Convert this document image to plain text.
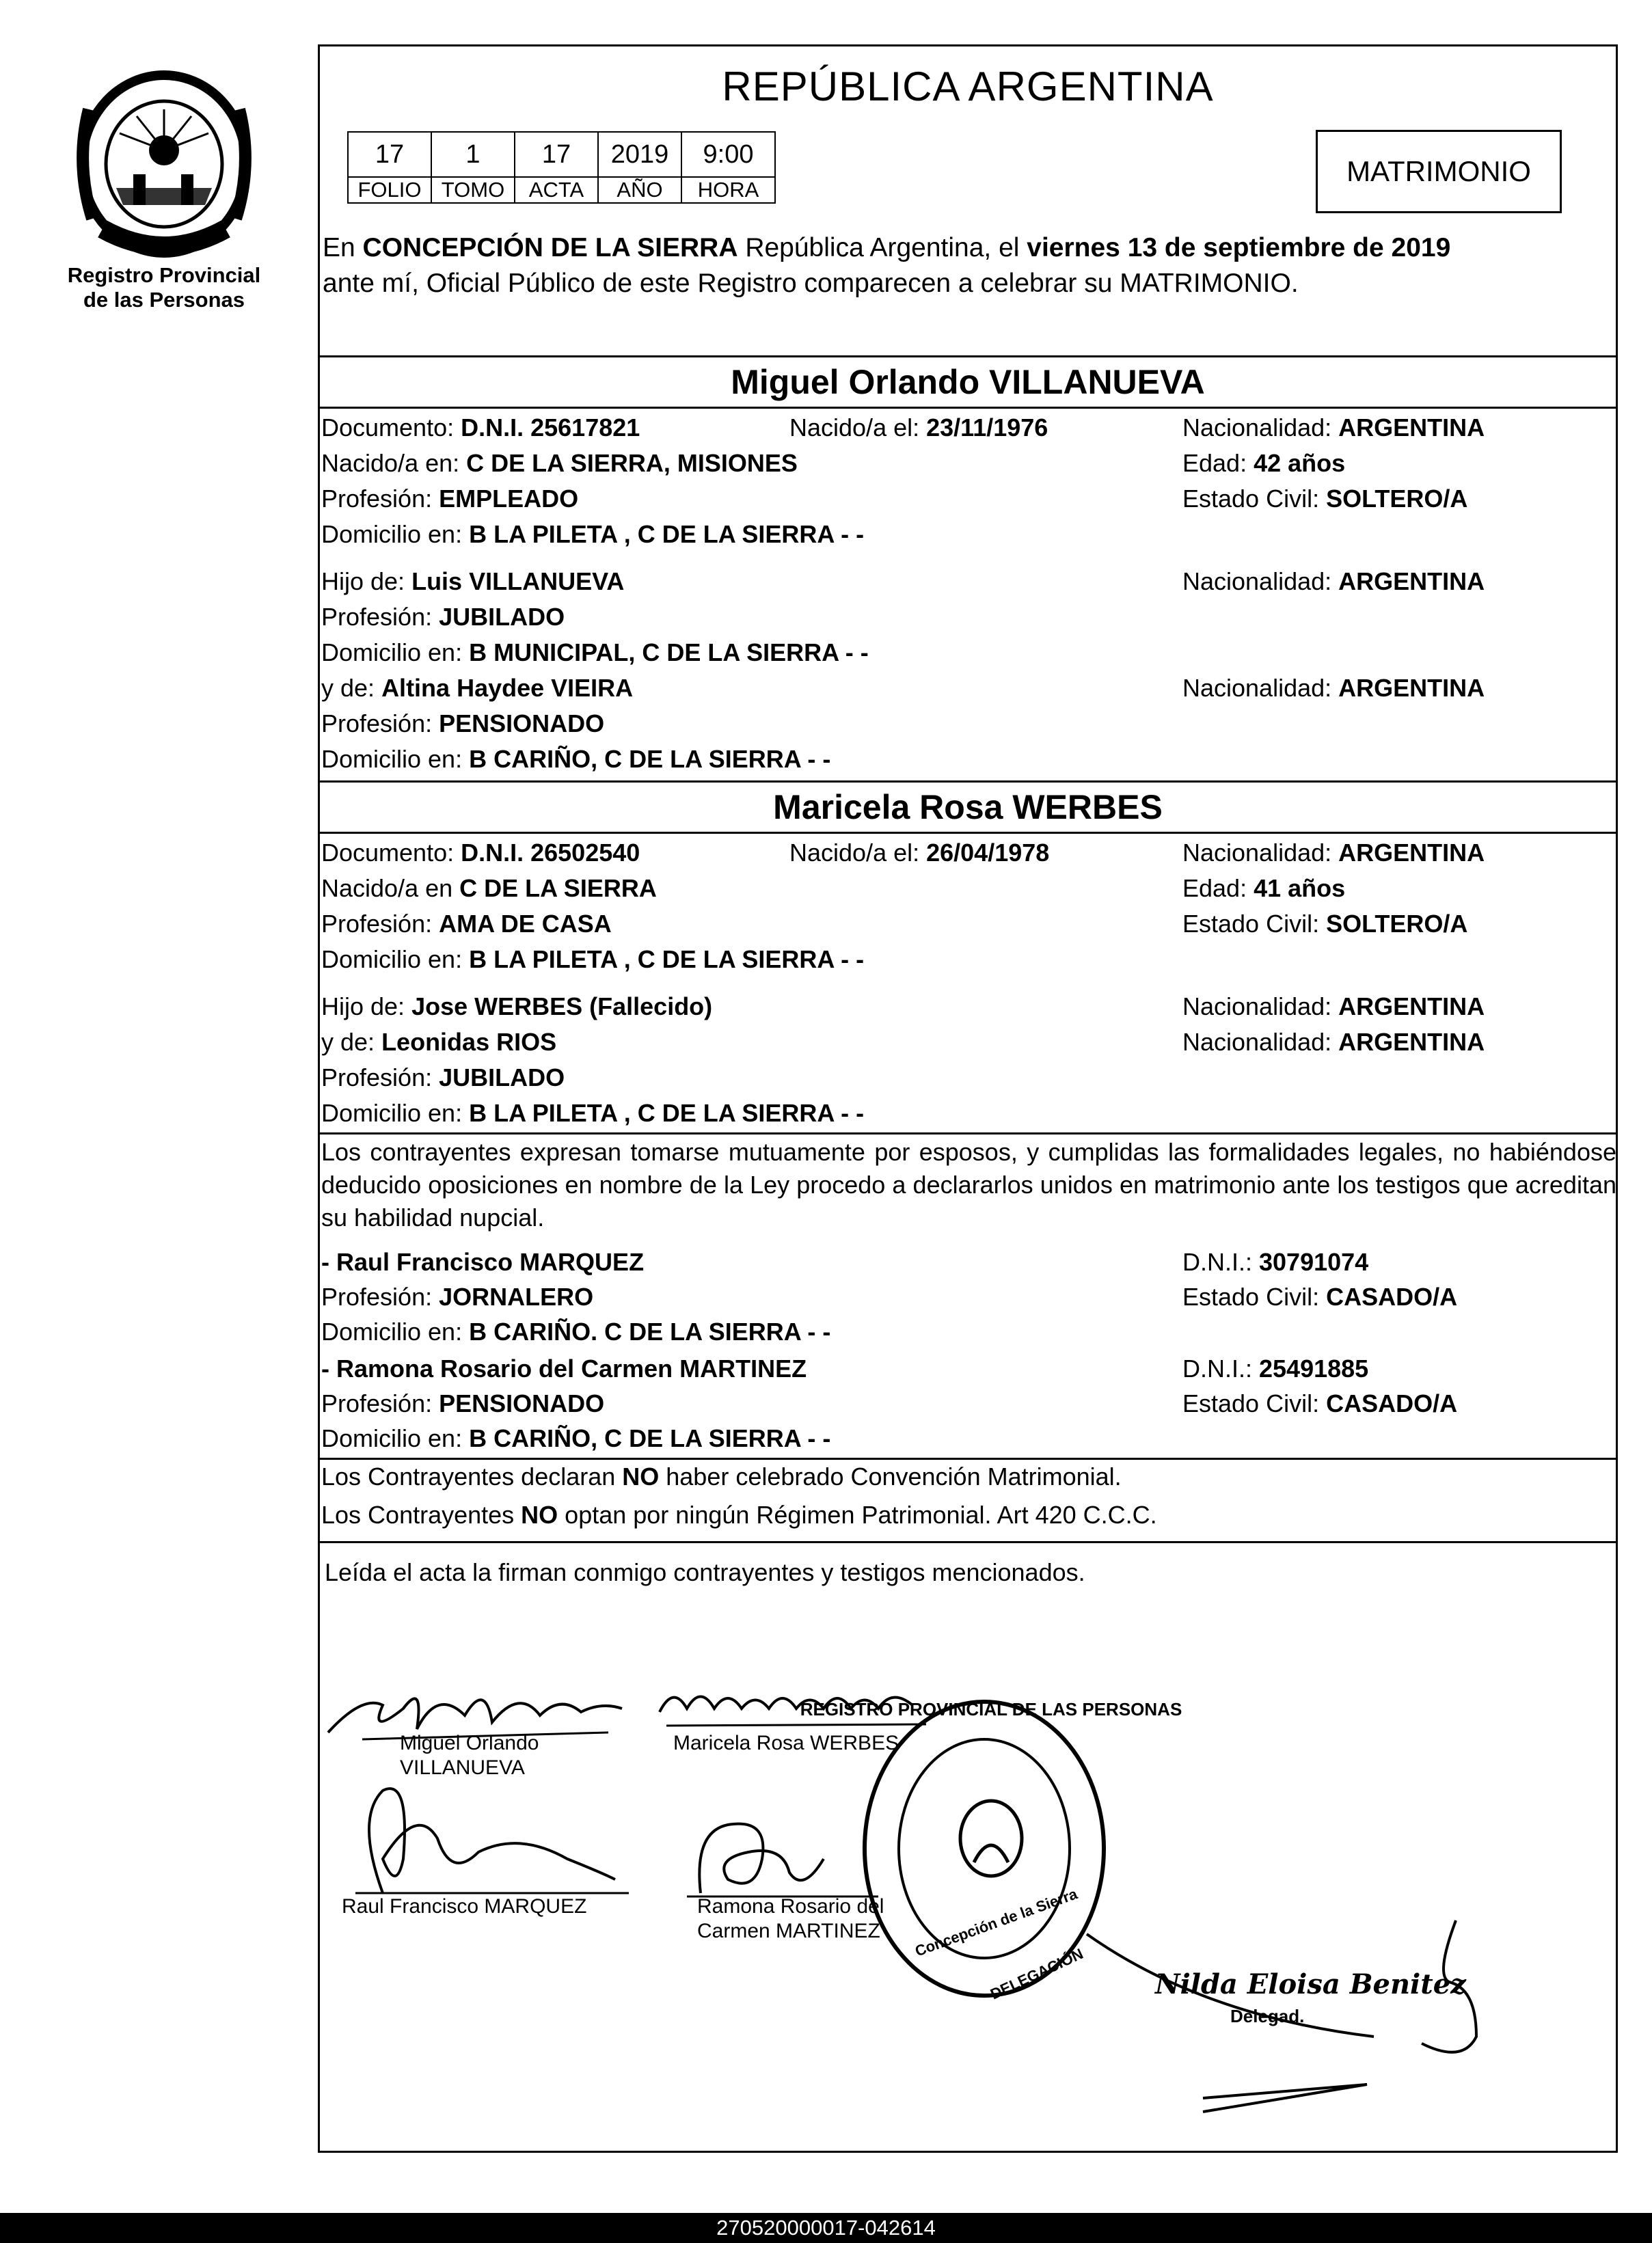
Registro Provincial
de las Personas
REPÚBLICA ARGENTINA
17	1	17	2019	9:00
FOLIO	TOMO	ACTA	AÑO	HORA
MATRIMONIO
En CONCEPCIÓN DE LA SIERRA República Argentina, el viernes 13 de septiembre de 2019
ante mí, Oficial Público de este Registro comparecen a celebrar su MATRIMONIO.
Miguel Orlando VILLANUEVA
Documento: D.N.I. 25617821	Nacido/a el: 23/11/1976	Nacionalidad: ARGENTINA
Nacido/a en: C DE LA SIERRA, MISIONES	Edad: 42 años
Profesión: EMPLEADO	Estado Civil: SOLTERO/A
Domicilio en: B LA PILETA , C DE LA SIERRA - -
Hijo de: Luis VILLANUEVA	Nacionalidad: ARGENTINA
Profesión: JUBILADO
Domicilio en: B MUNICIPAL, C DE LA SIERRA - -
y de: Altina Haydee VIEIRA	Nacionalidad: ARGENTINA
Profesión: PENSIONADO
Domicilio en: B CARIÑO, C DE LA SIERRA - -
Maricela Rosa WERBES
Documento: D.N.I. 26502540	Nacido/a el: 26/04/1978	Nacionalidad: ARGENTINA
Nacido/a en C DE LA SIERRA	Edad: 41 años
Profesión: AMA DE CASA	Estado Civil: SOLTERO/A
Domicilio en: B LA PILETA , C DE LA SIERRA - -
Hijo de: Jose WERBES (Fallecido)	Nacionalidad: ARGENTINA
y de: Leonidas RIOS	Nacionalidad: ARGENTINA
Profesión: JUBILADO
Domicilio en: B LA PILETA , C DE LA SIERRA - -
Los contrayentes expresan tomarse mutuamente por esposos, y cumplidas las formalidades legales, no habiéndose deducido oposiciones en nombre de la Ley procedo a declararlos unidos en matrimonio ante los testigos que acreditan su habilidad nupcial.
- Raul Francisco MARQUEZ	D.N.I.: 30791074
Profesión: JORNALERO	Estado Civil: CASADO/A
Domicilio en: B CARIÑO. C DE LA SIERRA - -
- Ramona Rosario del Carmen MARTINEZ	D.N.I.: 25491885
Profesión: PENSIONADO	Estado Civil: CASADO/A
Domicilio en: B CARIÑO, C DE LA SIERRA - -
Los Contrayentes declaran NO haber celebrado Convención Matrimonial.
Los Contrayentes NO optan por ningún Régimen Patrimonial. Art 420 C.C.C.
Leída el acta la firman conmigo contrayentes y testigos mencionados.
Miguel Orlando
VILLANUEVA
Maricela Rosa WERBES
Raul Francisco MARQUEZ	Ramona Rosario del
Carmen MARTINEZ
REGISTRO PROVINCIAL DE LAS PERSONAS
Concepción de la Sierra
DELEGACIÓN	Nilda Eloisa Benitez
Delegad.
270520000017-042614
